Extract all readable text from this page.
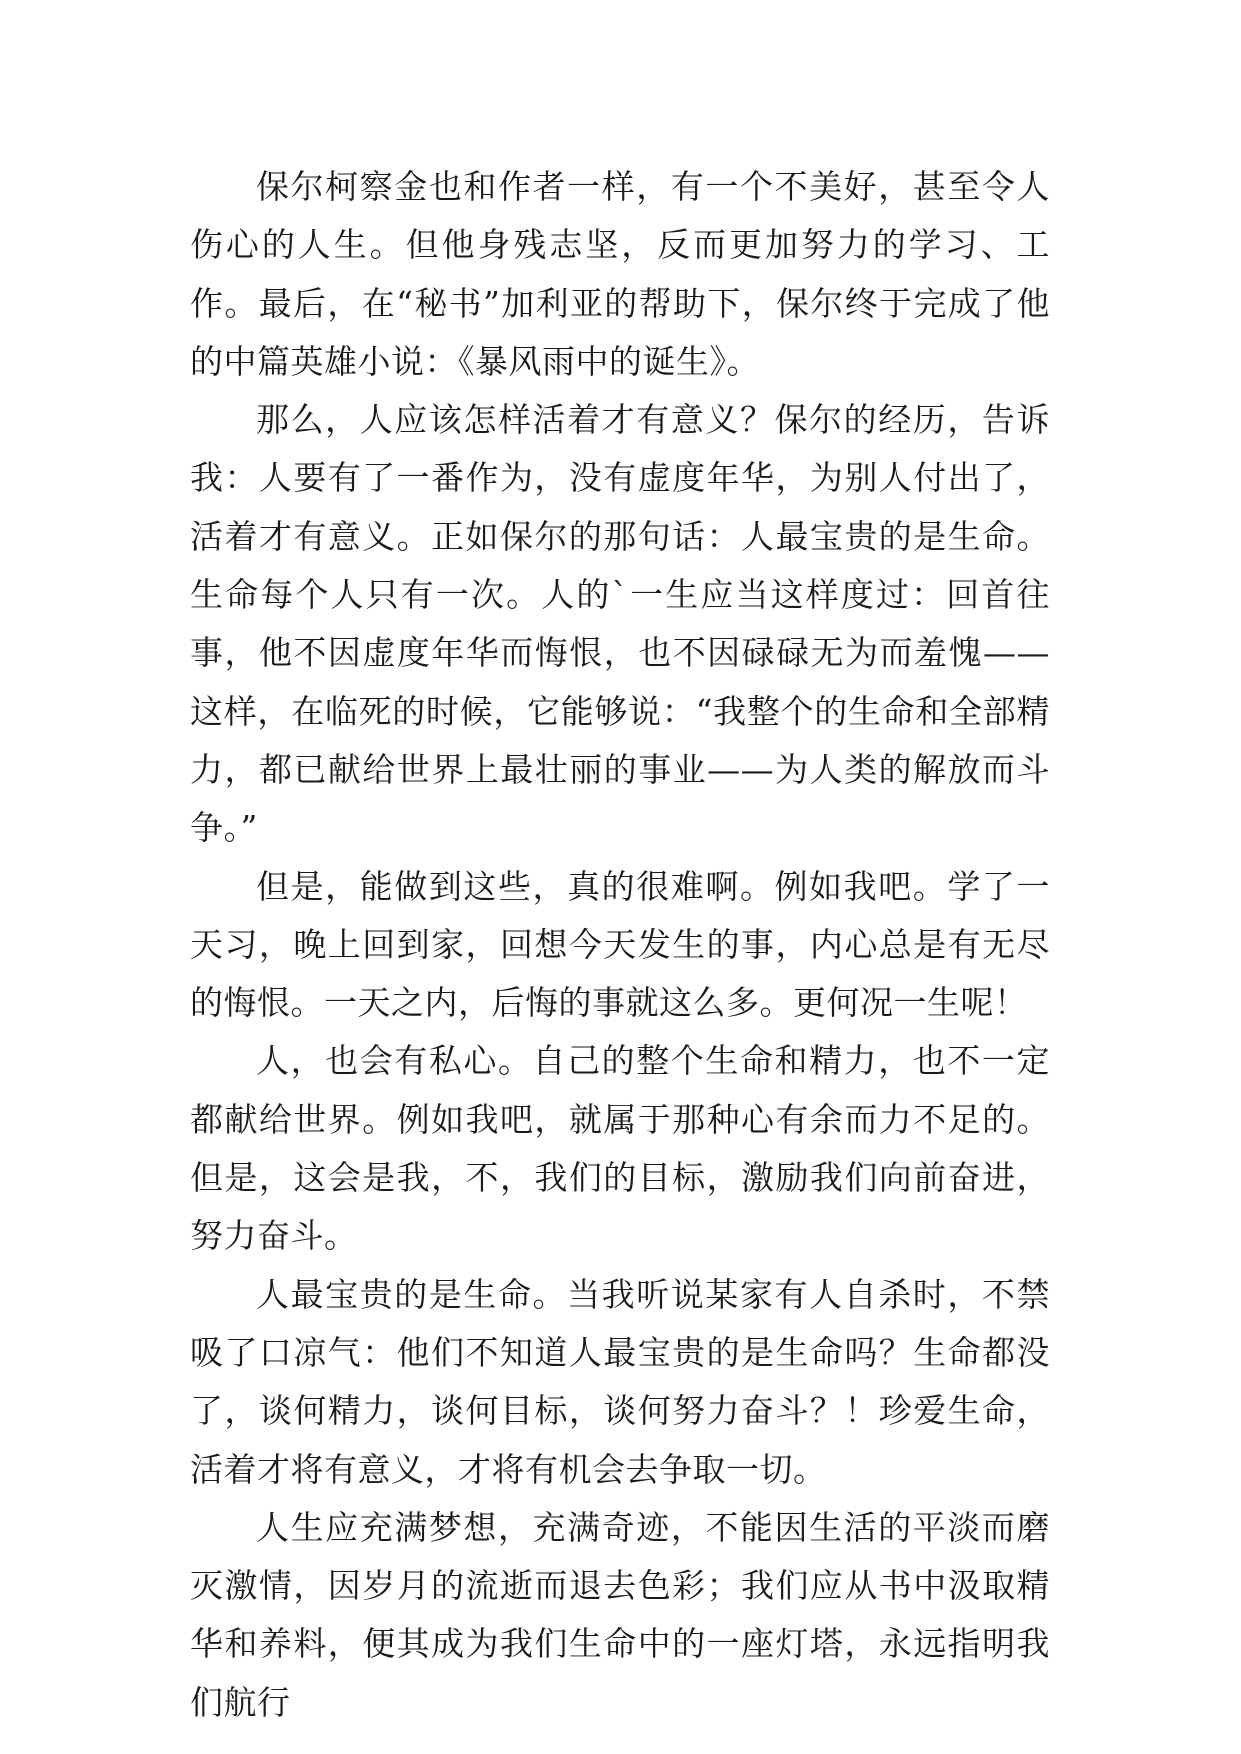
保尔柯察金也和作者一样，有一个不美好，甚至令人伤心的人生。但他身残志坚，反而更加努力的学习、工作。最后，在“秘书”加利亚的帮助下，保尔终于完成了他的中篇英雄小说：《暴风雨中的诞生》。

那么，人应该怎样活着才有意义？保尔的经历，告诉我：人要有了一番作为，没有虚度年华，为别人付出了，活着才有意义。正如保尔的那句话：人最宝贵的是生命。生命每个人只有一次。人的`一生应当这样度过：回首往事，他不因虚度年华而悔恨，也不因碌碌无为而羞愧——这样，在临死的时候，它能够说：“我整个的生命和全部精力，都已献给世界上最壮丽的事业——为人类的解放而斗争。”

但是，能做到这些，真的很难啊。例如我吧。学了一天习，晚上回到家，回想今天发生的事，内心总是有无尽的悔恨。一天之内，后悔的事就这么多。更何况一生呢！

人，也会有私心。自己的整个生命和精力，也不一定都献给世界。例如我吧，就属于那种心有余而力不足的。但是，这会是我，不，我们的目标，激励我们向前奋进，努力奋斗。

人最宝贵的是生命。当我听说某家有人自杀时，不禁吸了口凉气：他们不知道人最宝贵的是生命吗？生命都没了，谈何精力，谈何目标，谈何努力奋斗？！珍爱生命，活着才将有意义，才将有机会去争取一切。

人生应充满梦想，充满奇迹，不能因生活的平淡而磨灭激情，因岁月的流逝而退去色彩；我们应从书中汲取精华和养料，便其成为我们生命中的一座灯塔，永远指明我们航行
